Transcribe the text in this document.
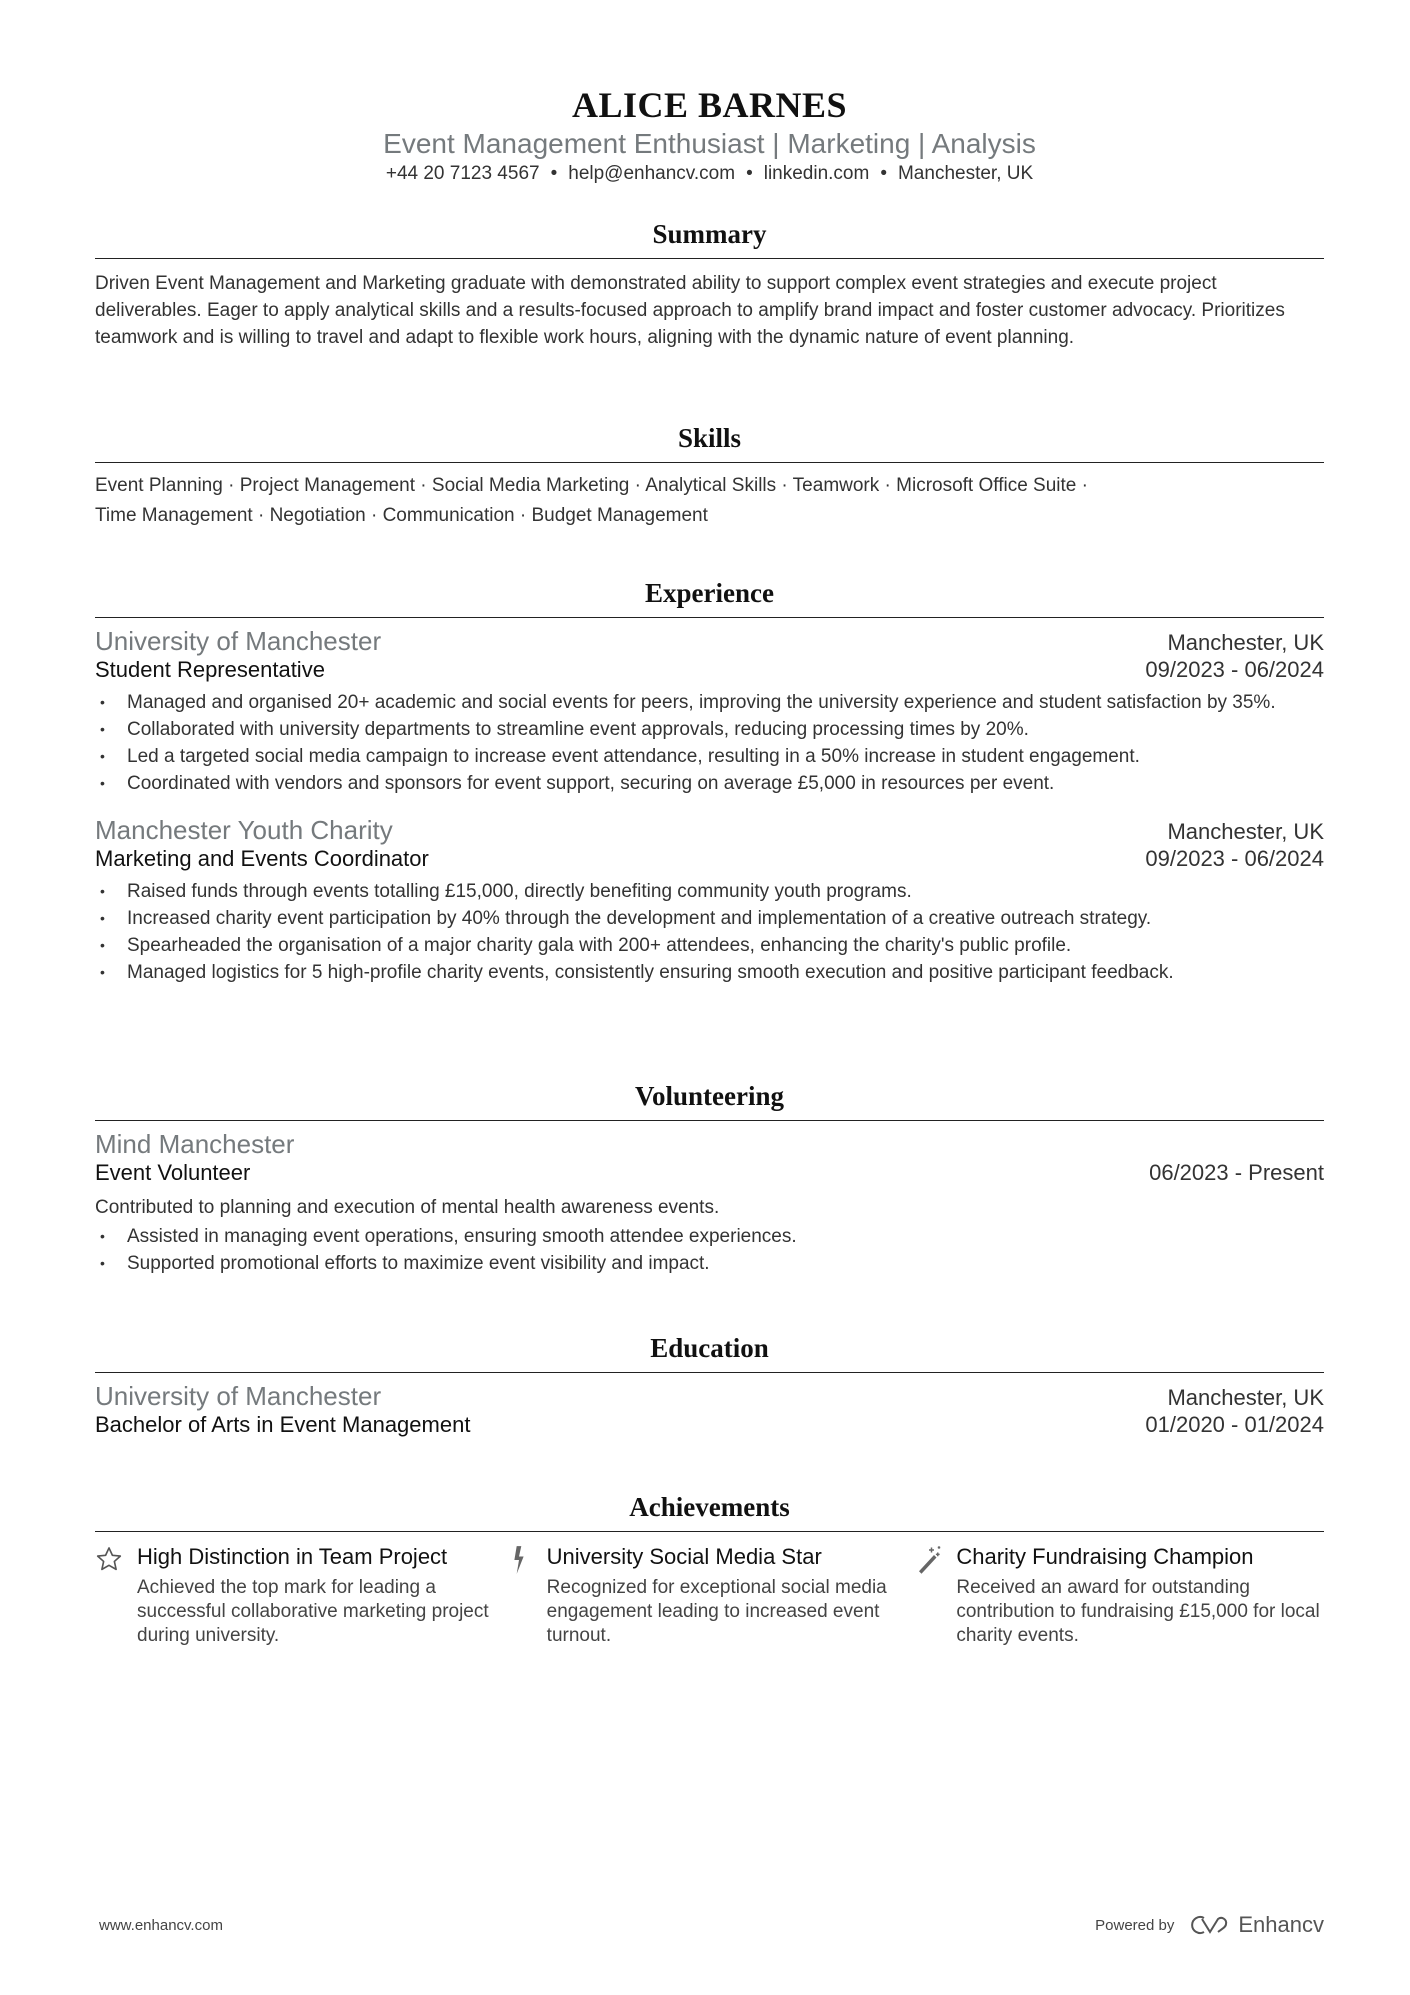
ALICE BARNES
Event Management Enthusiast | Marketing | Analysis
+44 20 7123 4567 • help@enhancv.com • linkedin.com • Manchester, UK
Summary

Driven Event Management and Marketing graduate with demonstrated ability to support complex event strategies and execute project deliverables. Eager to apply analytical skills and a results-focused approach to amplify brand impact and foster customer advocacy. Prioritizes teamwork and is willing to travel and adapt to flexible work hours, aligning with the dynamic nature of event planning.

Skills
Event Planning · Project Management · Social Media Marketing · Analytical Skills · Teamwork · Microsoft Office Suite ·
Time Management · Negotiation · Communication · Budget Management
Experience
University of Manchester	Manchester, UK
Student Representative	09/2023 - 06/2024
• Managed and organised 20+ academic and social events for peers, improving the university experience and student satisfaction by 35%.
• Collaborated with university departments to streamline event approvals, reducing processing times by 20%.
• Led a targeted social media campaign to increase event attendance, resulting in a 50% increase in student engagement.
• Coordinated with vendors and sponsors for event support, securing on average £5,000 in resources per event.
Manchester Youth Charity	Manchester, UK
Marketing and Events Coordinator	09/2023 - 06/2024
• Raised funds through events totalling £15,000, directly benefiting community youth programs.
• Increased charity event participation by 40% through the development and implementation of a creative outreach strategy.
• Spearheaded the organisation of a major charity gala with 200+ attendees, enhancing the charity's public profile.
• Managed logistics for 5 high-profile charity events, consistently ensuring smooth execution and positive participant feedback.
Volunteering
Mind Manchester
Event Volunteer	06/2023 - Present

Contributed to planning and execution of mental health awareness events.

• Assisted in managing event operations, ensuring smooth attendee experiences.
• Supported promotional efforts to maximize event visibility and impact.
Education
University of Manchester	Manchester, UK
Bachelor of Arts in Event Management	01/2020 - 01/2024
Achievements
High Distinction in Team Project
Achieved the top mark for leading a successful collaborative marketing project during university.
University Social Media Star
Recognized for exceptional social media engagement leading to increased event turnout.
Charity Fundraising Champion
Received an award for outstanding contribution to fundraising £15,000 for local charity events.
www.enhancv.com	Powered by	Enhancv
